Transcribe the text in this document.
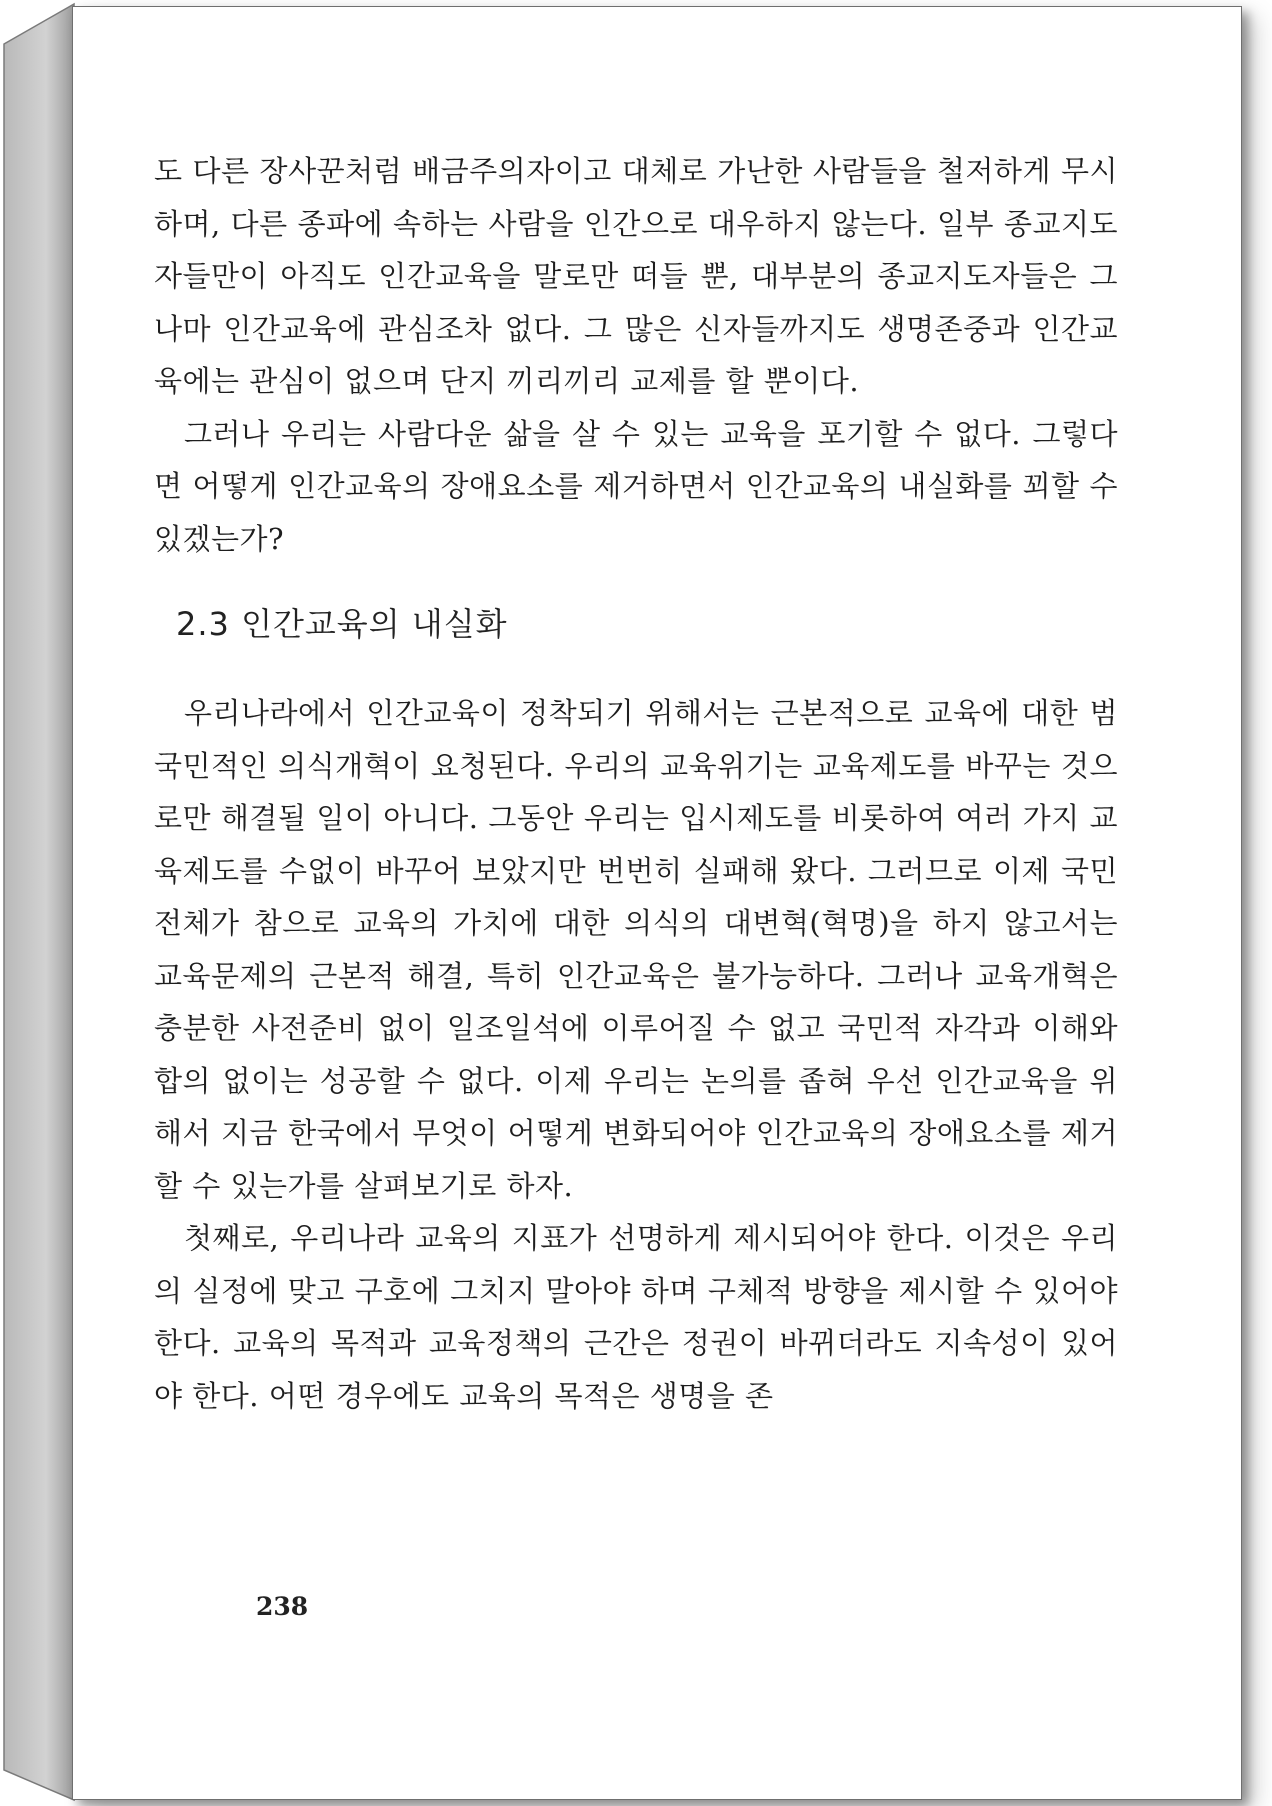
도 다른 장사꾼처럼 배금주의자이고 대체로 가난한 사람들을 철저하게 무시하며, 다른 종파에 속하는 사람을 인간으로 대우하지 않는다. 일부 종교지도자들만이 아직도 인간교육을 말로만 떠들 뿐, 대부분의 종교지도자들은 그나마 인간교육에 관심조차 없다. 그 많은 신자들까지도 생명존중과 인간교육에는 관심이 없으며 단지 끼리끼리 교제를 할 뿐이다.

그러나 우리는 사람다운 삶을 살 수 있는 교육을 포기할 수 없다. 그렇다면 어떻게 인간교육의 장애요소를 제거하면서 인간교육의 내실화를 꾀할 수 있겠는가?

2.3 인간교육의 내실화

우리나라에서 인간교육이 정착되기 위해서는 근본적으로 교육에 대한 범국민적인 의식개혁이 요청된다. 우리의 교육위기는 교육제도를 바꾸는 것으로만 해결될 일이 아니다. 그동안 우리는 입시제도를 비롯하여 여러 가지 교육제도를 수없이 바꾸어 보았지만 번번히 실패해 왔다. 그러므로 이제 국민 전체가 참으로 교육의 가치에 대한 의식의 대변혁(혁명)을 하지 않고서는 교육문제의 근본적 해결, 특히 인간교육은 불가능하다. 그러나 교육개혁은 충분한 사전준비 없이 일조일석에 이루어질 수 없고 국민적 자각과 이해와 합의 없이는 성공할 수 없다. 이제 우리는 논의를 좁혀 우선 인간교육을 위해서 지금 한국에서 무엇이 어떻게 변화되어야 인간교육의 장애요소를 제거할 수 있는가를 살펴보기로 하자.

첫째로, 우리나라 교육의 지표가 선명하게 제시되어야 한다. 이것은 우리의 실정에 맞고 구호에 그치지 말아야 하며 구체적 방향을 제시할 수 있어야 한다. 교육의 목적과 교육정책의 근간은 정권이 바뀌더라도 지속성이 있어야 한다. 어떤 경우에도 교육의 목적은 생명을 존

238
